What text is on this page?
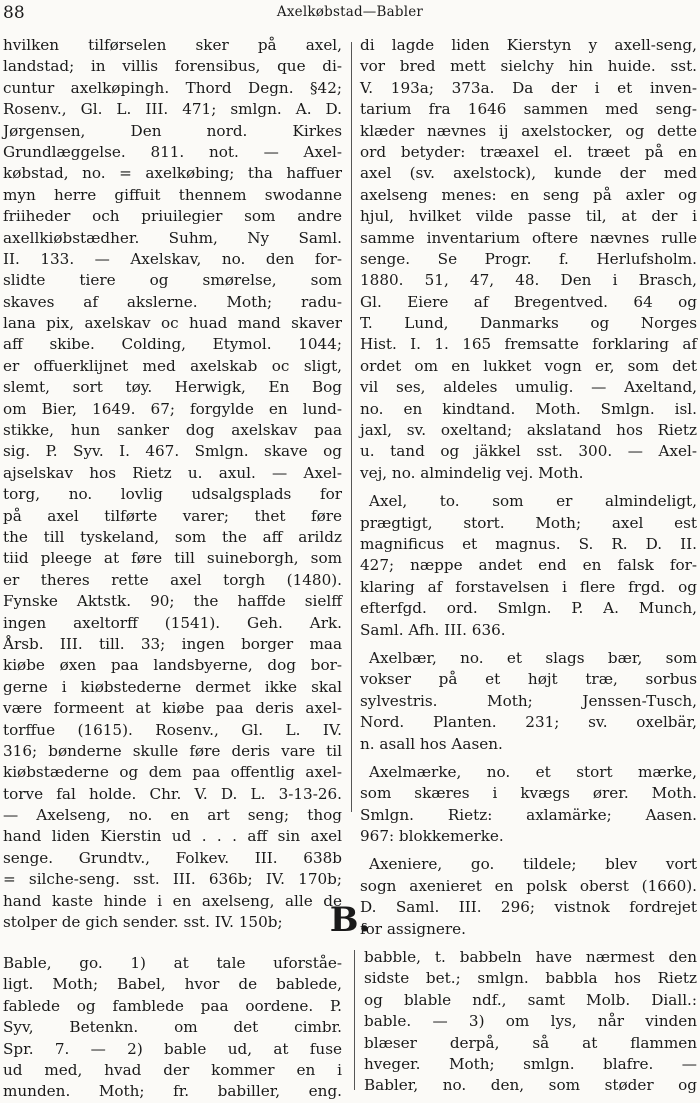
88	Axelkøbstad—Babler
hvilken tilførselen sker på axel,
landstad; in villis forensibus, que di-
cuntur axelkøpingh. Thord Degn. §42;
Rosenv., Gl. L. III. 471; smlgn. A. D.
Jørgensen, Den nord. Kirkes
Grundlæggelse. 811. not. — Axel-
købstad, no. = axelkøbing; tha haffuer
myn herre giffuit thennem swodanne
friiheder och priuilegier som andre
axellkiøbstædher. Suhm, Ny Saml.
II. 133. — Axelskav, no. den for-
slidte tiere og smørelse, som
skaves af akslerne. Moth; radu-
lana pix, axelskav oc huad mand skaver
aff skibe. Colding, Etymol. 1044;
er offuerklijnet med axelskab oc sligt,
slemt, sort tøy. Herwigk, En Bog
om Bier, 1649. 67; forgylde en lund-
stikke, hun sanker dog axelskav paa
sig. P. Syv. I. 467. Smlgn. skave og
ajselskav hos Rietz u. axul. — Axel-
torg, no. lovlig udsalgsplads for
på axel tilførte varer; thet føre
the till tyskeland, som the aff arildz
tiid pleege at føre till suineborgh, som
er theres rette axel torgh (1480).
Fynske Aktstk. 90; the haffde sielff
ingen axeltorff (1541). Geh. Ark.
Årsb. III. till. 33; ingen borger maa
kiøbe øxen paa landsbyerne, dog bor-
gerne i kiøbstederne dermet ikke skal
være formeent at kiøbe paa deris axel-
torffue (1615). Rosenv., Gl. L. IV.
316; bønderne skulle føre deris vare til
kiøbstæderne og dem paa offentlig axel-
torve fal holde. Chr. V. D. L. 3-13-26.
— Axelseng, no. en art seng; thog
hand liden Kierstin ud . . . aff sin axel
senge. Grundtv., Folkev. III. 638b
= silche-seng. sst. III. 636b; IV. 170b;
hand kaste hinde i en axelseng, alle de
stolper de gich sender. sst. IV. 150b;
di lagde liden Kierstyn y axell-seng,
vor bred mett sielchy hin huide. sst.
V. 193a; 373a. Da der i et inven-
tarium fra 1646 sammen med seng-
klæder nævnes ij axelstocker, og dette
ord betyder: træaxel el. træet på en
axel (sv. axelstock), kunde der med
axelseng menes: en seng på axler og
hjul, hvilket vilde passe til, at der i
samme inventarium oftere nævnes rulle
senge. Se Progr. f. Herlufsholm.
1880. 51, 47, 48. Den i Brasch,
Gl. Eiere af Bregentved. 64 og
T. Lund, Danmarks og Norges
Hist. I. 1. 165 fremsatte forklaring af
ordet om en lukket vogn er, som det
vil ses, aldeles umulig. — Axeltand,
no. en kindtand. Moth. Smlgn. isl.
jaxl, sv. oxeltand; akslatand hos Rietz
u. tand og jäkkel sst. 300. — Axel-
vej, no. almindelig vej. Moth.
Axel, to. som er almindeligt,
prægtigt, stort. Moth; axel est
magnificus et magnus. S. R. D. II.
427; næppe andet end en falsk for-
klaring af forstavelsen i flere frgd. og
efterfgd. ord. Smlgn. P. A. Munch,
Saml. Afh. III. 636.
Axelbær, no. et slags bær, som
vokser på et højt træ, sorbus
sylvestris. Moth; Jenssen-Tusch,
Nord. Planten. 231; sv. oxelbär,
n. asall hos Aasen.
Axelmærke, no. et stort mærke,
som skæres i kvægs ører. Moth.
Smlgn. Rietz: axlamärke; Aasen.
967: blokkemerke.
Axeniere, go. tildele; blev vort
sogn axenieret en polsk oberst (1660).
D. Saml. III. 296; vistnok fordrejet
for assignere.
B.
Bable, go. 1) at tale uforståe-
ligt. Moth; Babel, hvor de bablede,
fablede og famblede paa oordene. P.
Syv, Betenkn. om det cimbr.
Spr. 7. — 2) bable ud, at fuse
ud med, hvad der kommer en i
munden. Moth; fr. babiller, eng.
babble, t. babbeln have nærmest den
sidste bet.; smlgn. babbla hos Rietz
og blable ndf., samt Molb. Diall.:
bable. — 3) om lys, når vinden
blæser derpå, så at flammen
hveger. Moth; smlgn. blafre. —
Babler, no. den, som støder og
